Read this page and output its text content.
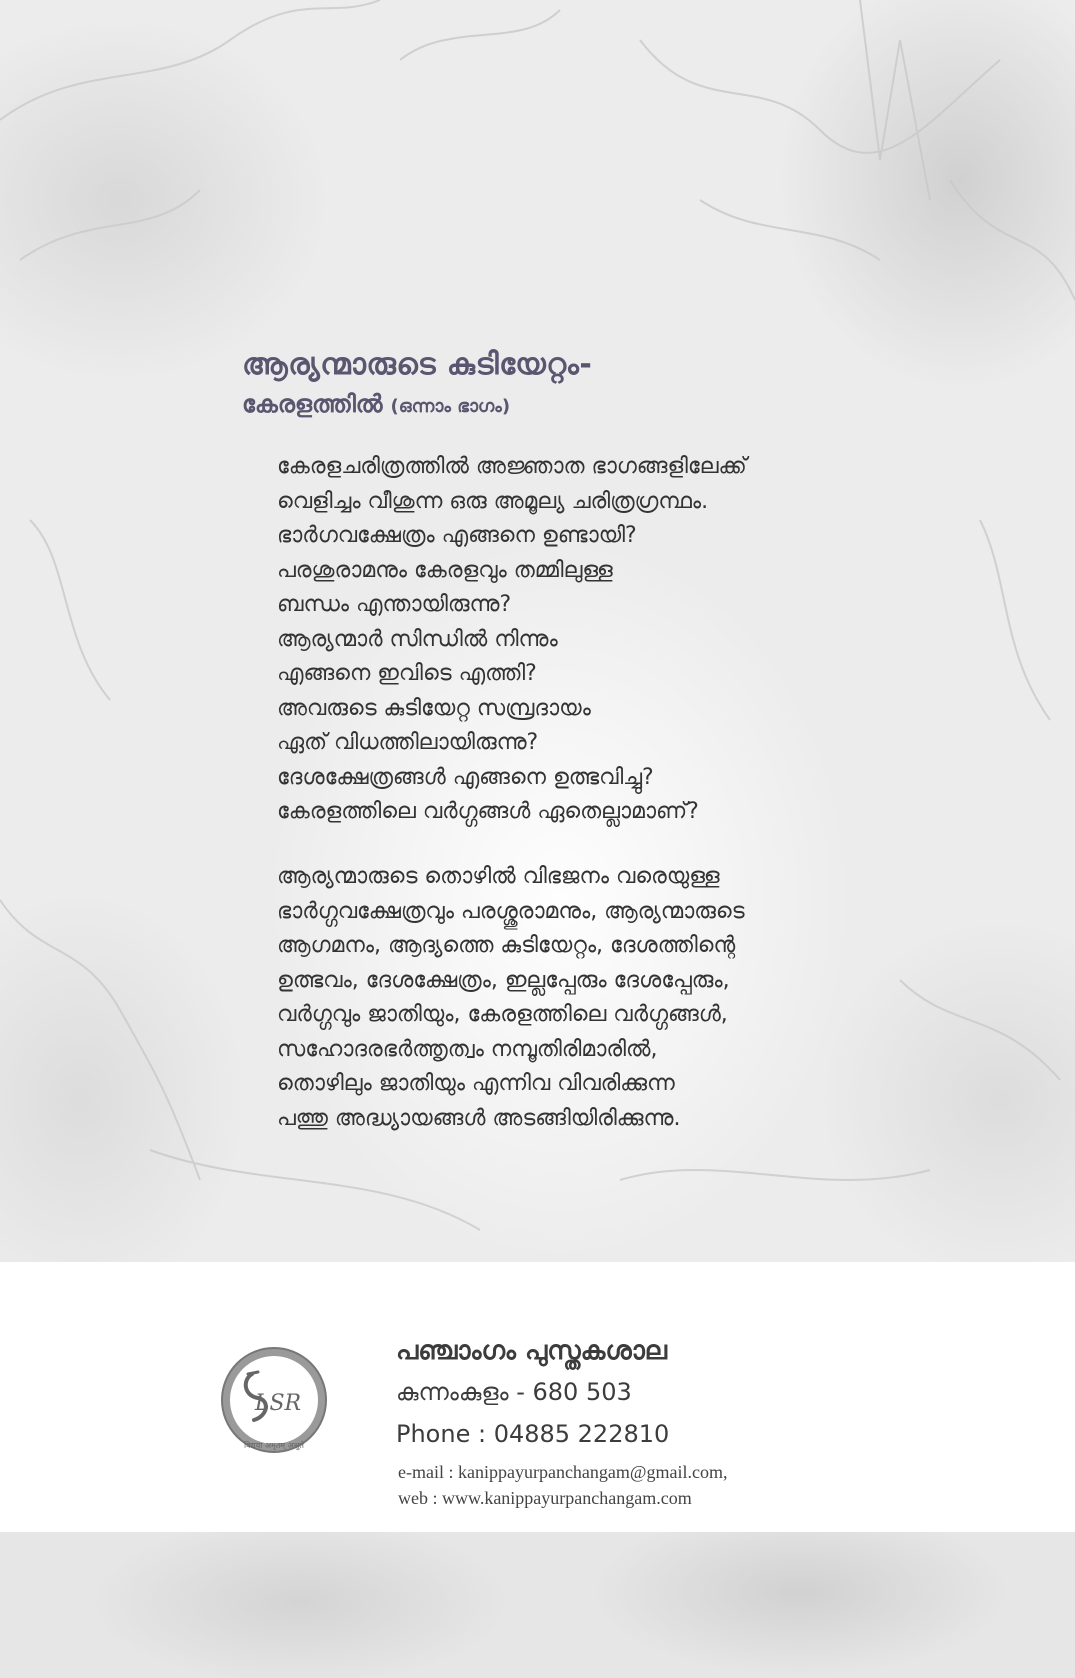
ആര്യന്മാരുടെ കുടിയേറ്റം-
കേരളത്തിൽ (ഒന്നാം ഭാഗം)
കേരളചരിത്രത്തിൽ അജ്ഞാത ഭാഗങ്ങളിലേക്ക്
വെളിച്ചം വീശുന്ന ഒരു അമൂല്യ ചരിത്രഗ്രന്ഥം.
ഭാർഗവക്ഷേത്രം എങ്ങനെ ഉണ്ടായി?
പരശുരാമനും കേരളവും തമ്മിലുള്ള
ബന്ധം എന്തായിരുന്നു?
ആര്യന്മാർ സിന്ധിൽ നിന്നും
എങ്ങനെ ഇവിടെ എത്തി?
അവരുടെ കുടിയേറ്റ സമ്പ്രദായം
ഏത് വിധത്തിലായിരുന്നു?
ദേശക്ഷേത്രങ്ങൾ എങ്ങനെ ഉത്ഭവിച്ചു?
കേരളത്തിലെ വർഗ്ഗങ്ങൾ ഏതെല്ലാമാണ്?
ആര്യന്മാരുടെ തൊഴിൽ വിഭജനം വരെയുള്ള
ഭാർഗ്ഗവക്ഷേത്രവും പരശ്ശുരാമനും, ആര്യന്മാരുടെ
ആഗമനം, ആദ്യത്തെ കുടിയേറ്റം, ദേശത്തിന്റെ
ഉത്ഭവം, ദേശക്ഷേത്രം, ഇല്ലപ്പേരും ദേശപ്പേരും,
വർഗ്ഗവും ജാതിയും, കേരളത്തിലെ വർഗ്ഗങ്ങൾ,
സഹോദരഭർത്തൃത്വം നമ്പൂതിരിമാരിൽ,
തൊഴിലും ജാതിയും എന്നിവ വിവരിക്കുന്ന
പത്തു അദ്ധ്യായങ്ങൾ അടങ്ങിയിരിക്കുന്നു.
LSR
विद्यया अमृतम् अश्नुते
പഞ്ചാംഗം പുസ്തകശാല
കുന്നംകുളം - 680 503
Phone : 04885 222810
e-mail : kanippayurpanchangam@gmail.com,
web : www.kanippayurpanchangam.com
